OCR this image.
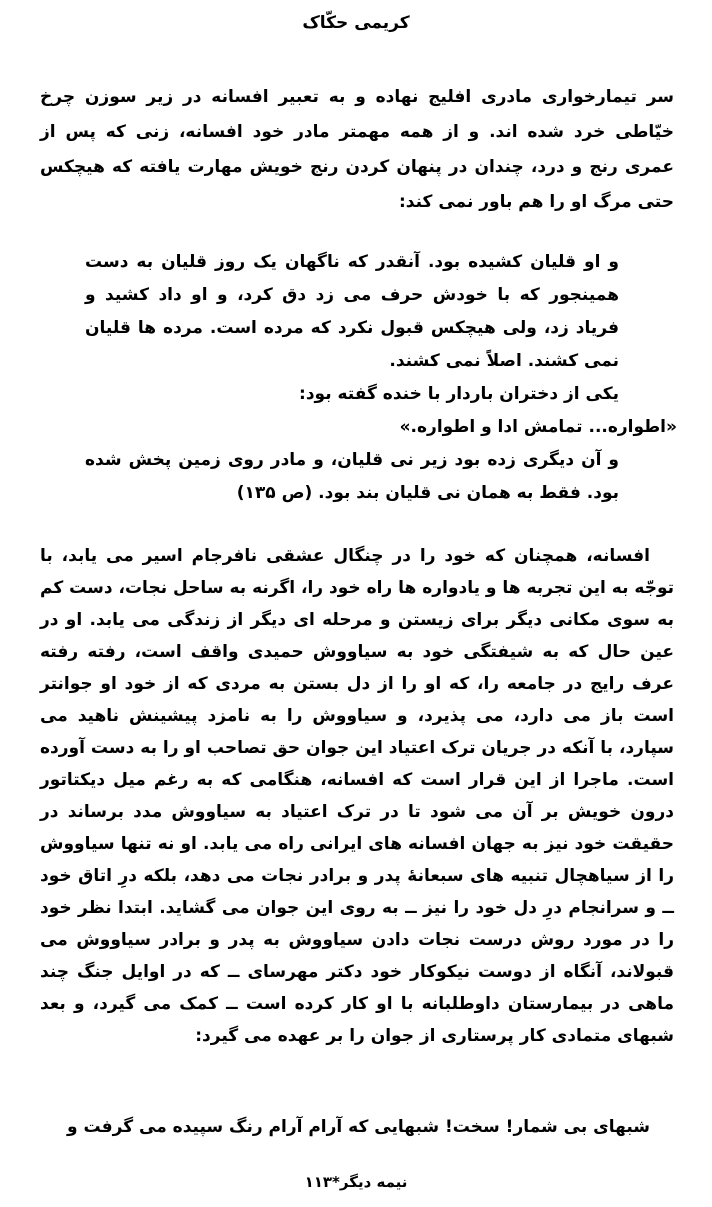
کریمی حکّاک

سر تیمارخواری مادری افلیج نهاده و به تعبیر افسانه در زیر سوزن چرخ خیّاطی خرد شده اند. و از همه مهمتر مادر خود افسانه، زنی که پس از عمری رنج و درد، چندان در پنهان کردن رنج خویش مهارت یافته که هیچکس حتی مرگ او را هم باور نمی کند:

و او قلیان کشیده بود. آنقدر که ناگهان یک روز قلیان به دست همینجور که با خودش حرف می زد دق کرد، و او داد کشید و فریاد زد، ولی هیچکس قبول نکرد که مرده است. مرده ها قلیان نمی کشند. اصلاً نمی کشند.

یکی از دختران باردار با خنده گفته بود:

«اطواره... تمامش ادا و اطواره.»

و آن دیگری زده بود زیر نی قلیان، و مادر روی زمین پخش شده بود. فقط به همان نی قلیان بند بود. (ص ۱۳۵)

افسانه، همچنان که خود را در چنگال عشقی نافرجام اسیر می یابد، با توجّه به این تجربه ها و یادواره ها راه خود را، اگرنه به ساحل نجات، دست کم به سوی مکانی دیگر برای زیستن و مرحله ای دیگر از زندگی می یابد. او در عین حال که به شیفتگی خود به سیاووش حمیدی واقف است، رفته رفته عرف رایج در جامعه را، که او را از دل بستن به مردی که از خود او جوانتر است باز می دارد، می پذیرد، و سیاووش را به نامزد پیشینش ناهید می سپارد، با آنکه در جریان ترک اعتیاد این جوان حق تصاحب او را به دست آورده است. ماجرا از این قرار است که افسانه، هنگامی که به رغم میل دیکتاتور درون خویش بر آن می شود تا در ترک اعتیاد به سیاووش مدد برساند در حقیقت خود نیز به جهان افسانه های ایرانی راه می یابد. او نه تنها سیاووش را از سیاهچال تنبیه های سبعانهٔ پدر و برادر نجات می دهد، بلکه درِ اتاق خود ــ و سرانجام درِ دل خود را نیز ــ به روی این جوان می گشاید. ابتدا نظر خود را در مورد روش درست نجات دادن سیاووش به پدر و برادر سیاووش می قبولاند، آنگاه از دوست نیکوکار خود دکتر مهرسای ــ که در اوایل جنگ چند ماهی در بیمارستان داوطلبانه با او کار کرده است ــ کمک می گیرد، و بعد شبهای متمادی کار پرستاری از جوان را بر عهده می گیرد:

شبهای بی شمار! سخت! شبهایی که آرام آرام رنگ سپیده می گرفت و

نیمه دیگر*۱۱۳
